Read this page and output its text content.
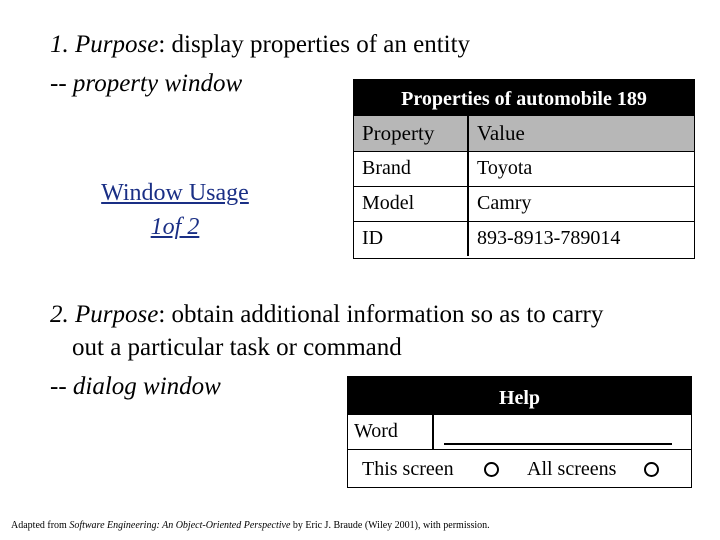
1. Purpose: display properties of an entity
-- property window
Window Usage
1of 2
Properties of automobile 189
Property	Value
Brand	Toyota
Model	Camry
ID	893-8913-789014
2. Purpose: obtain additional information so as to carry
out a particular task or command
-- dialog window	Help
Word
This screen	All screens
Adapted from Software Engineering: An Object-Oriented Perspective by Eric J. Braude (Wiley 2001), with permission.
